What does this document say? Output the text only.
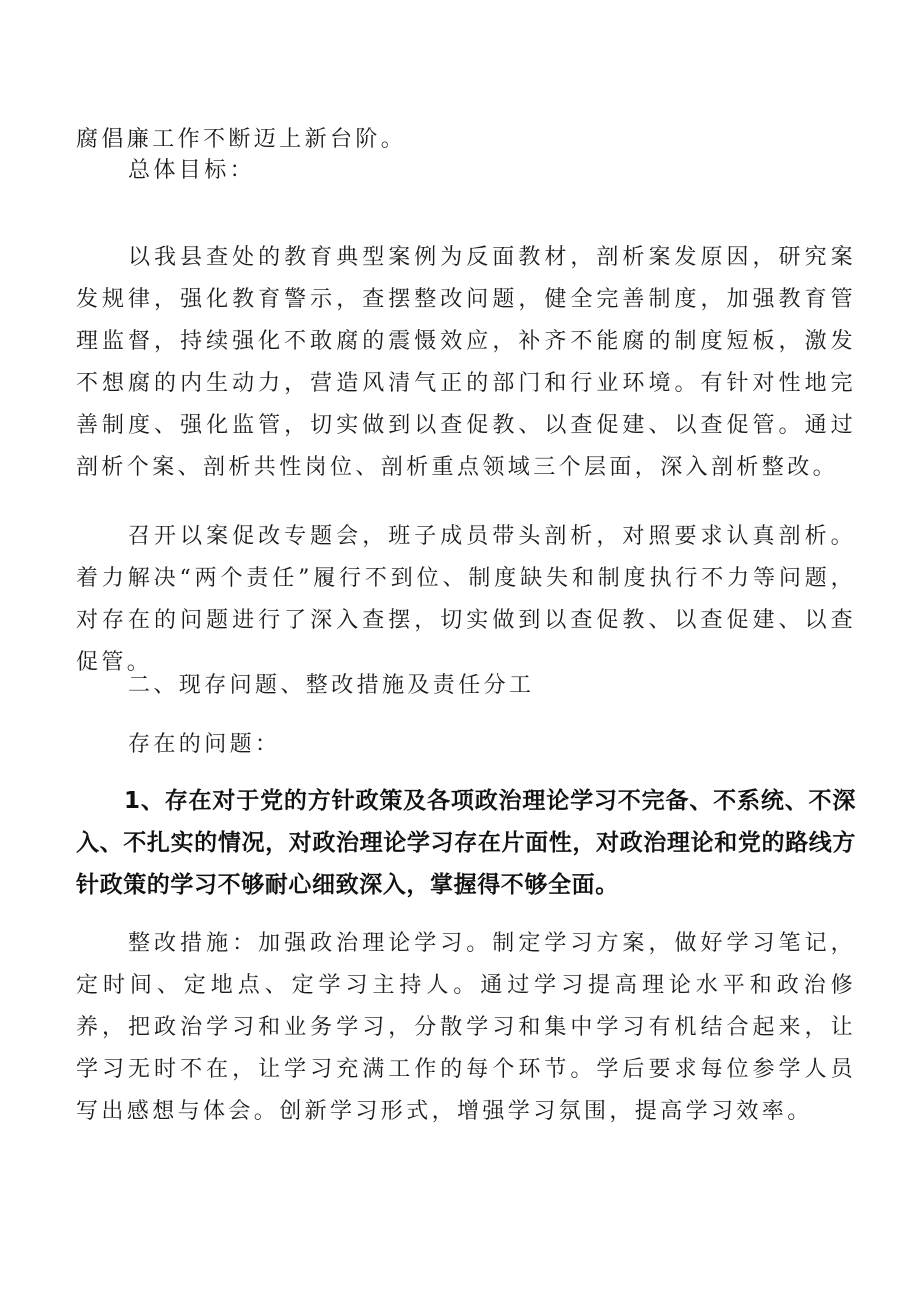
腐倡廉工作不断迈上新台阶。

总体目标：

以我县查处的教育典型案例为反面教材，剖析案发原因，研究案发规律，强化教育警示，查摆整改问题，健全完善制度，加强教育管理监督，持续强化不敢腐的震慑效应，补齐不能腐的制度短板，激发不想腐的内生动力，营造风清气正的部门和行业环境。有针对性地完善制度、强化监管，切实做到以查促教、以查促建、以查促管。通过剖析个案、剖析共性岗位、剖析重点领域三个层面，深入剖析整改。

召开以案促改专题会，班子成员带头剖析，对照要求认真剖析。着力解决“两个责任”履行不到位、制度缺失和制度执行不力等问题，对存在的问题进行了深入查摆，切实做到以查促教、以查促建、以查促管。

二、现存问题、整改措施及责任分工

存在的问题：

1、存在对于党的方针政策及各项政治理论学习不完备、不系统、不深入、不扎实的情况，对政治理论学习存在片面性，对政治理论和党的路线方针政策的学习不够耐心细致深入，掌握得不够全面。

整改措施：加强政治理论学习。制定学习方案，做好学习笔记，定时间、定地点、定学习主持人。通过学习提高理论水平和政治修养，把政治学习和业务学习，分散学习和集中学习有机结合起来，让学习无时不在，让学习充满工作的每个环节。学后要求每位参学人员写出感想与体会。创新学习形式，增强学习氛围，提高学习效率。
